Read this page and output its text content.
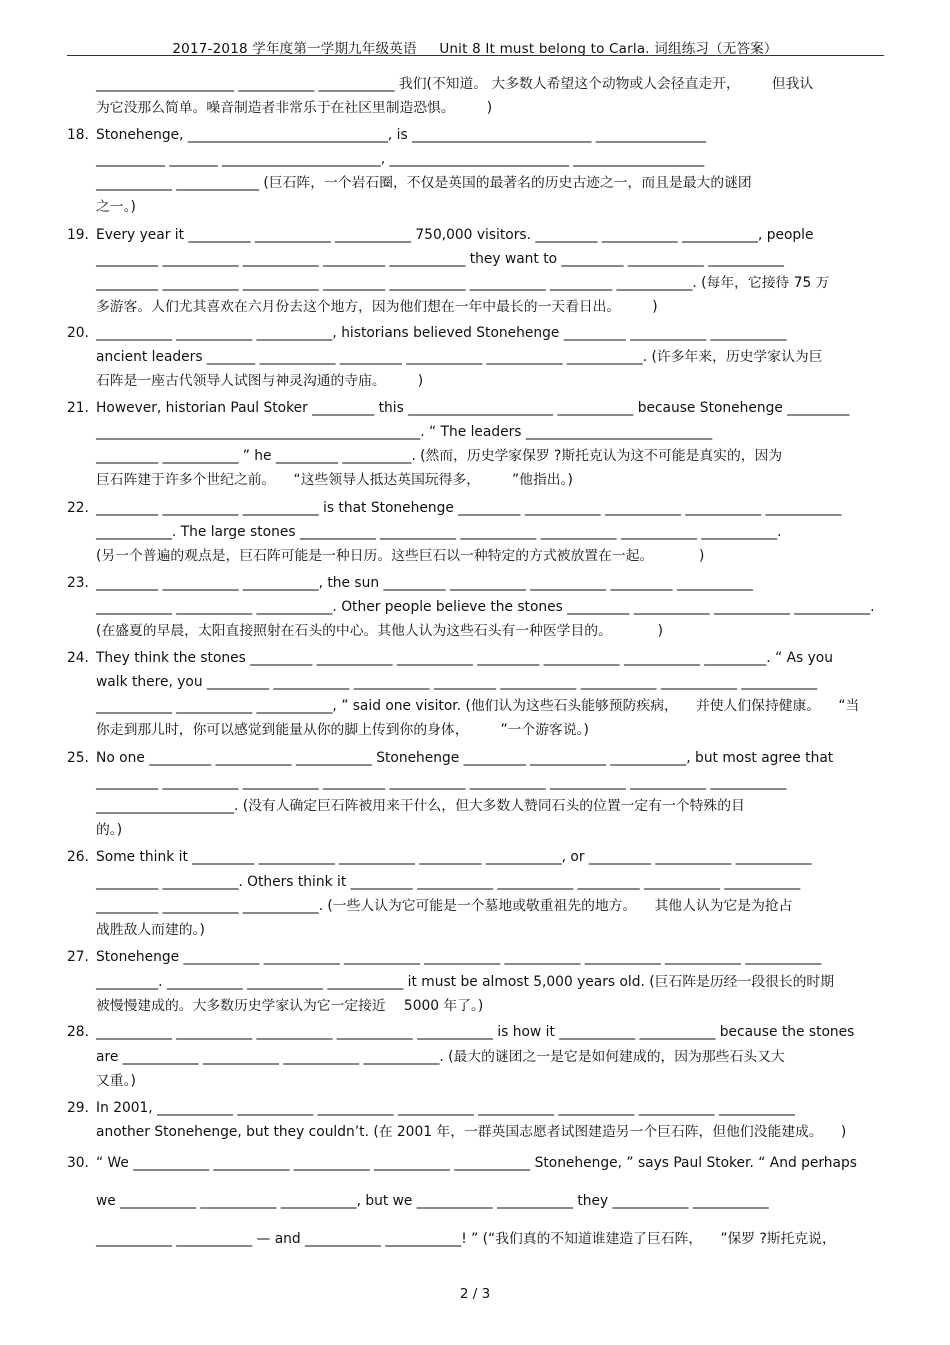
2017-2018 学年度第一学期九年级英语 　 Unit 8 It must belong to Carla. 词组练习（无答案）
____________________ ___________ ___________ 我们(不知道。 大多数人希望这个动物或人会径直走开， 　　但我认
为它没那么简单。噪音制造者非常乐于在社区里制造恐惧。 　　)
18. Stonehenge, _____________________________, is __________________________ ________________
__________ _______ _______________________, __________________________ ___________________
___________ ____________ (巨石阵，一个岩石圈，不仅是英国的最著名的历史古迹之一，而且是最大的谜团
之一。)
19. Every year it _________ ___________ ___________ 750,000 visitors. _________ ___________ ___________, people
_________ ___________ ___________ _________ ___________ they want to _________ ___________ ___________
_________ ___________ ___________ _________ ___________ ___________ _________ ___________. (每年，它接待 75 万
多游客。人们尤其喜欢在六月份去这个地方，因为他们想在一年中最长的一天看日出。 　　)
20. ___________ ___________ ___________, historians believed Stonehenge _________ ___________ ___________
ancient leaders _______ ___________ _________ ___________ ___________ ___________. (许多年来，历史学家认为巨
石阵是一座古代领导人试图与神灵沟通的寺庙。 　　)
21. However, historian Paul Stoker _________ this _____________________ ___________ because Stonehenge _________
_______________________________________________. “ The leaders ___________________________
_________ ___________ ” he _________ __________. (然而，历史学家保罗 ?斯托克认为这不可能是真实的，因为
巨石阵建于许多个世纪之前。 　“这些领导人抵达英国玩得多， 　　”他指出。)
22. _________ ___________ ___________ is that Stonehenge _________ ___________ ___________ ___________ ___________
___________. The large stones ___________ ___________ ___________ ___________ ___________ ___________.
(另一个普遍的观点是，巨石阵可能是一种日历。这些巨石以一种特定的方式被放置在一起。 　　　)
23. _________ ___________ ___________, the sun _________ ___________ ___________ _________ ___________
___________ ___________ ___________. Other people believe the stones _________ ___________ ___________ ___________.
(在盛夏的早晨，太阳直接照射在石头的中心。其他人认为这些石头有一种医学目的。 　　　)
24. They think the stones _________ ___________ ___________ _________ ___________ ___________ _________. “ As you
walk there, you _________ ___________ ___________ _________ ___________ ___________ ___________ ___________
___________ ___________ ___________, ” said one visitor. (他们认为这些石头能够预防疾病， 　并使人们保持健康。 　“当
你走到那儿时，你可以感觉到能量从你的脚上传到你的身体， 　　”一个游客说。)
25. No one _________ ___________ ___________ Stonehenge _________ ___________ ___________, but most agree that
_________ ___________ ___________ _________ ___________ ___________ ___________ ___________ ___________
____________________. (没有人确定巨石阵被用来干什么，但大多数人赞同石头的位置一定有一个特殊的目
的。)
26. Some think it _________ ___________ ___________ _________ ___________, or _________ ___________ ___________
_________ ___________. Others think it _________ ___________ ___________ _________ ___________ ___________
_________ ___________ ___________. (一些人认为它可能是一个墓地或敬重祖先的地方。 　其他人认为它是为抢占
战胜敌人而建的。)
27. Stonehenge ___________ ___________ ___________ ___________ ___________ ___________ ___________ ___________
_________. ___________ ___________ ___________ it must be almost 5,000 years old. (巨石阵是历经一段很长的时期
被慢慢建成的。大多数历史学家认为它一定接近 　5000 年了。)
28. ___________ ___________ ___________ ___________ ___________ is how it ___________ ___________ because the stones
are ___________ ___________ ___________ ___________. (最大的谜团之一是它是如何建成的，因为那些石头又大
又重。)
29. In 2001, ___________ ___________ ___________ ___________ ___________ ___________ ___________ ___________
another Stonehenge, but they couldn’t. (在 2001 年，一群英国志愿者试图建造另一个巨石阵，但他们没能建成。 　)
30. “ We ___________ ___________ ___________ ___________ ___________ Stonehenge, ” says Paul Stoker. “ And perhaps
we ___________ ___________ ___________, but we ___________ ___________ they ___________ ___________
___________ ___________ — and ___________ ___________! ” (“我们真的不知道谁建造了巨石阵， 　”保罗 ?斯托克说，
2 / 3
